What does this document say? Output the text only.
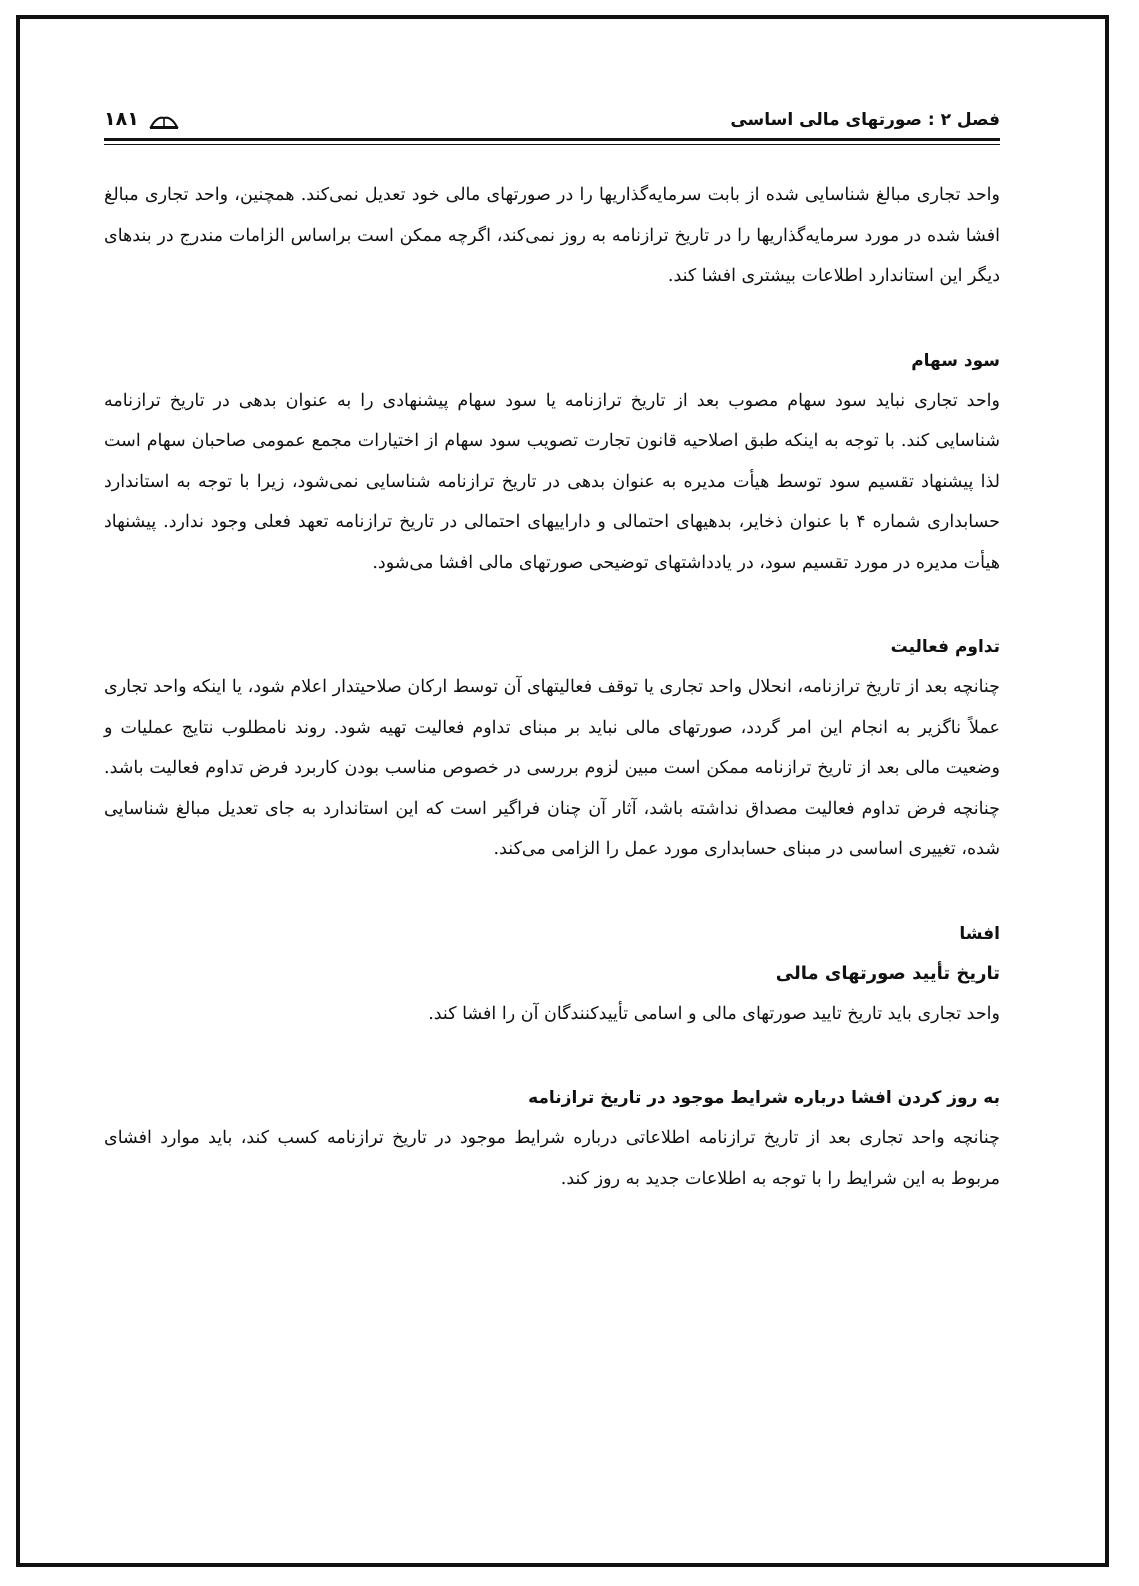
فصل ۲ : صورتهای مالی اساسی
۱۸۱

واحد تجاری مبالغ شناسایی شده از بابت سرمایه‌گذاریها را در صورتهای مالی خود تعدیل نمی‌کند. همچنین، واحد تجاری مبالغ افشا شده در مورد سرمایه‌گذاریها را در تاریخ ترازنامه به روز نمی‌کند، اگرچه ممکن است براساس الزامات مندرج در بندهای دیگر این استاندارد اطلاعات بیشتری افشا کند.

سود سهام

واحد تجاری نباید سود سهام مصوب بعد از تاریخ ترازنامه یا سود سهام پیشنهادی را به عنوان بدهی در تاریخ ترازنامه شناسایی کند. با توجه به اینکه طبق اصلاحیه قانون تجارت تصویب سود سهام از اختیارات مجمع عمومی صاحبان سهام است لذا پیشنهاد تقسیم سود توسط هیأت مدیره به عنوان بدهی در تاریخ ترازنامه شناسایی نمی‌شود، زیرا با توجه به استاندارد حسابداری شماره ۴ با عنوان ذخایر، بدهیهای احتمالی و داراییهای احتمالی در تاریخ ترازنامه تعهد فعلی وجود ندارد. پیشنهاد هیأت مدیره در مورد تقسیم سود، در یادداشتهای توضیحی صورتهای مالی افشا می‌شود.

تداوم فعالیت

چنانچه بعد از تاریخ ترازنامه، انحلال واحد تجاری یا توقف فعالیتهای آن توسط ارکان صلاحیتدار اعلام شود، یا اینکه واحد تجاری عملاً ناگزیر به انجام این امر گردد، صورتهای مالی نباید بر مبنای تداوم فعالیت تهیه شود. روند نامطلوب نتایج عملیات و وضعیت مالی بعد از تاریخ ترازنامه ممکن است مبین لزوم بررسی در خصوص مناسب بودن کاربرد فرض تداوم فعالیت باشد. چنانچه فرض تداوم فعالیت مصداق نداشته باشد، آثار آن چنان فراگیر است که این استاندارد به جای تعدیل مبالغ شناسایی شده، تغییری اساسی در مبنای حسابداری مورد عمل را الزامی می‌کند.

افشا
تاریخ تأیید صورتهای مالی

واحد تجاری باید تاریخ تایید صورتهای مالی و اسامی تأییدکنندگان آن را افشا کند.

به روز کردن افشا درباره شرایط موجود در تاریخ ترازنامه

چنانچه واحد تجاری بعد از تاریخ ترازنامه اطلاعاتی درباره شرایط موجود در تاریخ ترازنامه کسب کند، باید موارد افشای مربوط به این شرایط را با توجه به اطلاعات جدید به روز کند.
